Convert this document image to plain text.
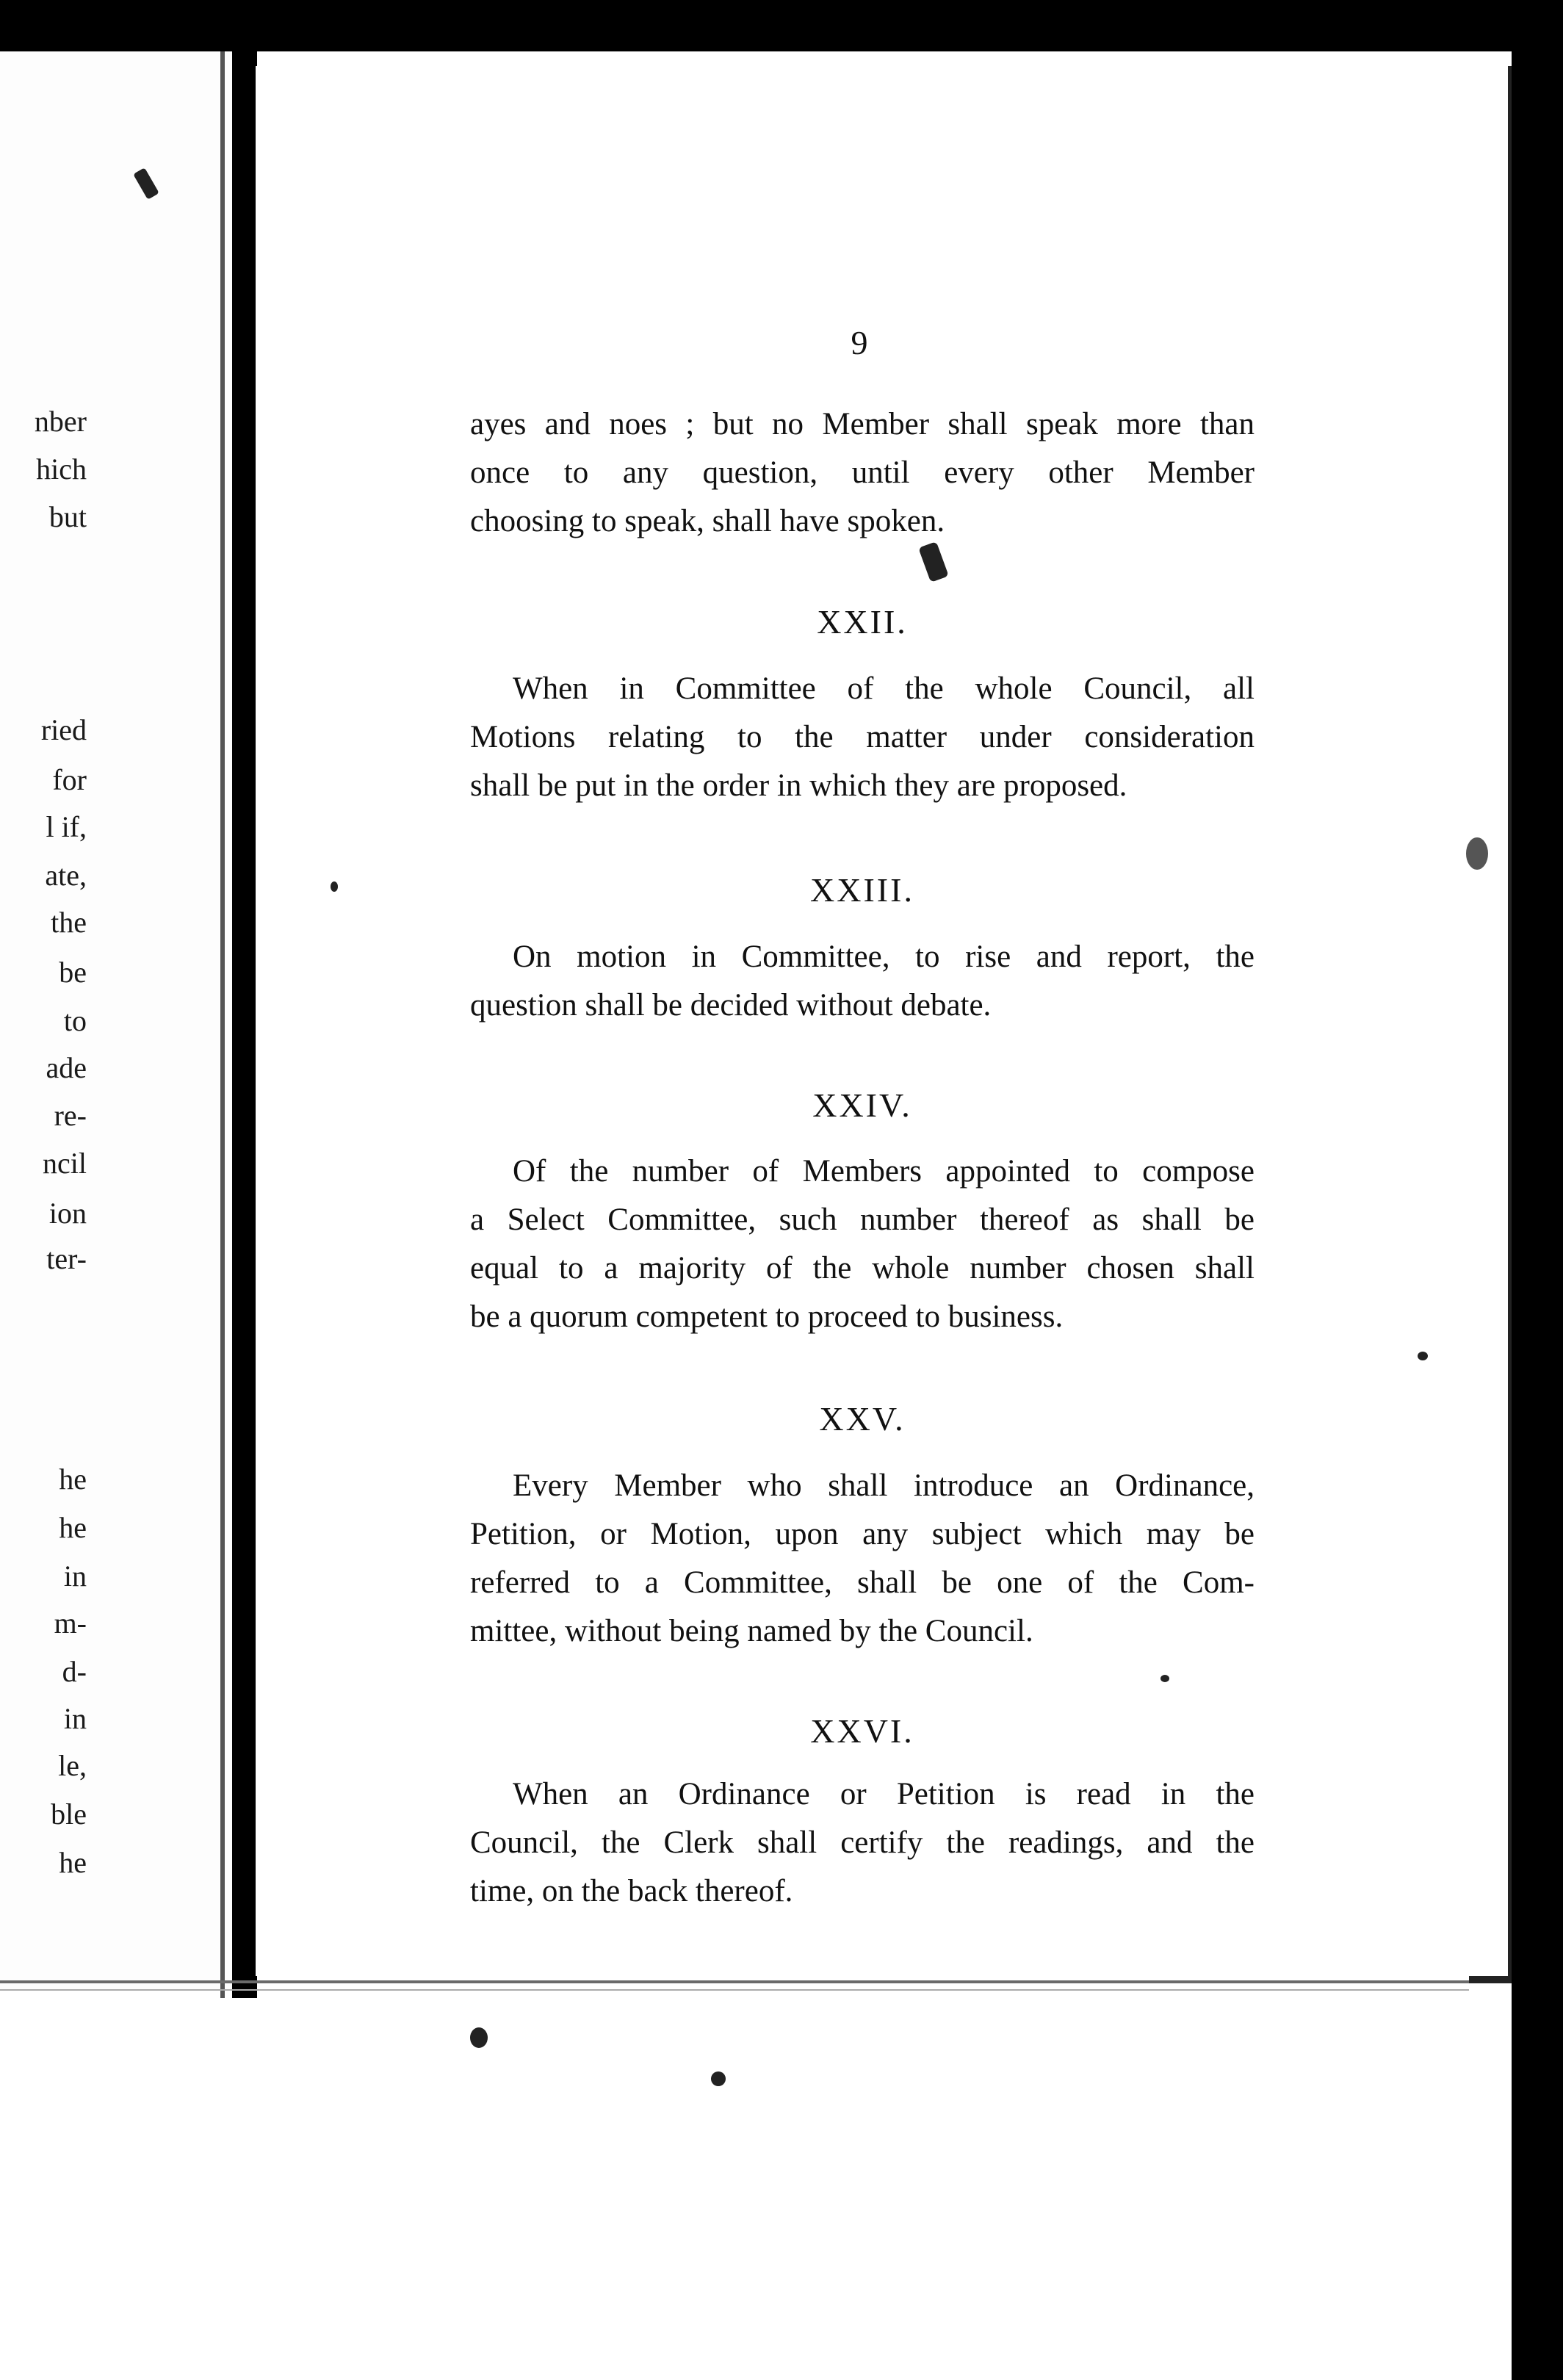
nber
hich
but
ried
for
l if,
ate,
the
be
to
ade
re-
ncil
ion
ter-
he
he
in
m-
d-
in
le,
ble
he
9
ayes and noes ; but no Member shall speak more than
once to any question, until every other Member
choosing to speak, shall have spoken.
XXII.
When in Committee of the whole Council, all
Motions relating to the matter under consideration
shall be put in the order in which they are proposed.
XXIII.
On motion in Committee, to rise and report, the
question shall be decided without debate.
XXIV.
Of the number of Members appointed to compose
a Select Committee, such number thereof as shall be
equal to a majority of the whole number chosen shall
be a quorum competent to proceed to business.
XXV.
Every Member who shall introduce an Ordinance,
Petition, or Motion, upon any subject which may be
referred to a Committee, shall be one of the Com-
mittee, without being named by the Council.
XXVI.
When an Ordinance or Petition is read in the
Council, the Clerk shall certify the readings, and the
time, on the back thereof.
